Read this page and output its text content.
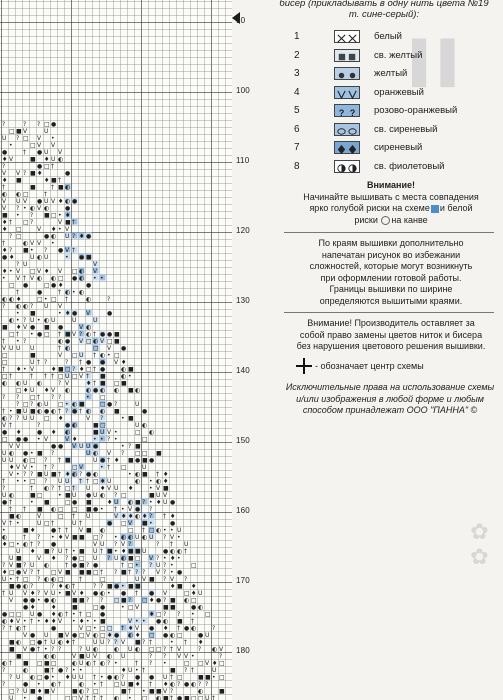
?	? ? □ ●
□ ■ V	U
U ? □ V •
•	□ V V
●	† ● U V
♦ V	■ ♦ U ◐
?	● □ †
V V ? ■ ♦	●
♦ ■	♦ ■ †
†	■	† ■ ◐
◐ ◐ □	†
V U V ● U V ♦ ◐ ●
V ? • ◐ V ◐	●
■ • ? ■ □ • ♦
♦ † □ ?	V ■ †
♦ □	V ♦ • V
? □	● ◐ U ? ♦ ●
†	◐ V V •
♦ ? ■ • ? ● V †
● ♦	U ◐ U	• ● ■
? U	V
♦ • V □ V ♦ V □ ◐ V
• V † V ◐ ◐ □ ● ◐ • •
□ ●	□ ● ♦	●
†	●	† ◐ • ◐
◐ ◐ ♦	□ • □ †	◐	?
? ◐ ◐ ? U V
• ■	• ♦ ● V	●
◐ • ? U • ◐ U	U	U
■ ♦ V ● ■ ●	V ◐
□ † • ● □ † ■ V ? ◐ † ● ● ■
† • ?	◐ ● V □ ◐ V □ ■
V U U U	† ◐	□ V ●
□	■	V □ U † ◐ • □
□	U † ?	? † ● ● V ♦
† ♦ • V	♦ ■ □ ? ♦ □ † ●	◐ ■
□ †	† † † □ U □ V † ■	◐ •
◐ ◐ U ◐	? V	♦ † ■ □ ■
□ ♦ U ♦ V ◐	◐ ● ◐ ◐ ■ ◐
? ? □ † ? ?	• □
? □ ? ◐ U □ • ◐ ■	□ ● ?	U
† • ■ U ■ ◐ ● ◐ † ? ● † ◐ ◐ ■	●
◐ ? ? U U □ ♦	V ?	• ■
V †	?	● ◐	■ □	U ◐
● ♦	● ♦ ◐	■ U V •	□ ◐
□ ● ● • V	V ♦	• • ? •	□
V V	● ● V U U ●	• ? ■
U ◐ ● • ■ ?	U ◐ V ? □ □ ■
U U ◐ □ ? † ■	U ● † ♦ ■ ● ■ ●
♦ V V • † ?	□ V	• † □	U
V • ? ? ■ U ■ † ♦ ◐ ? ● ◐	• ◐ ■ † ♦
† • • □ ? U U † † □ ♦ U	◐ • ◐ ♦
?	† ◐ ? † □ † U ♦ V U ♦	• V ■
U ◐	■ □	• ■ U ● U ◐ ? □	■ U V
● †	• ■	□ ● ■	♦ U ◐ ■ ? • ♦ U ●
† † ■ ◐ □ □ ■ ● • † • V ● ?
■ ◐	V	□ † U	V ♦ ♦ ◐ ♦ ? † ♦
V † •	U □ †	U †	● □ V ■ •	●
•	■ ♦	● † † V ■ ◐	□ † □ ◐ • • U
◐	† ? • ♦ V ■ ■ □ ? • ◐ ◐ U ◐ U ? V •
♦ □ • ◐ † ? ●	V U ? V ?	? † U
U ♦ ■ ? U † • ■ U † ■ • ♦ ■ ■ U	● ◐ ◐ †
U ■	V ♦ ? ● □ U ? U ◐ ■ □ V ? • ♦ •
? V ■ ? U ◐	† ● ■ ? ●	† □ • ? U ? •	□
♦ □ ● V ? † □ V ■ ■ ■ □ † ? ■ † ? ? V ? • ●
U • † □ ? ◐ ◐ □	†	□	U V ■ ? V ?
■ ● ◐ ?	? ♦ ◐ †	? ? ■ ● • ■ ■	♦ ■ ♦
† U V ♦ ? V U • ■ V ♦ ● ◐ • ● † ● V	□ ♦ U
V ● ● • ● ◐	■ ■ ? ? □ ■ ? □ ♦ ● ? ■ ◐ □
● ♦	♦	■	□ ●	• □ V	■ ■	● ◐
● □ □ U ● ♦ ◐ † • † □ ●	♦ □ ? ? • □
◐ ♦ V • † • ♦ ♦ V • ♦ • • ■	V • • ● ◐ ■ †
? † ◐ †	●	V □ • □ □ † ♦ V ● ♦ † ● ◐	?
V ● U ■ V ● □ V ◐ □ ♦ ● ◐ ♦ □ ● ◐ □	● U
■ ◐ □ ● † U ◐ ♦ †	U U ? ? V ■ ? †	• † ♦
■ V ● † • ? ?	? U ◐	◐ U ◐ □ □ ? † V	? ◐ V
■	◐ ◐	V ■ U V ◐ U	? ? V V •	?
◐ † ■ □ ■ □	◐ U ◐ † ◐ ? •	† ? •	□ □ V ♦ □
?	◐	■ † ● ? • •	♦ U • †	■ ? †	U
? U ◐ □ ● • ♦ U U † • ● ◐ ? ● ● U † □	■ ■ • □
?	● • ◐ †	◐ • † □ U ■ ♦ † ♦ ◐ ? ● ◐ ? ?
□ ? U ■ ♦ ■ V	■ ◐ ? □	■ † • ■ ■ V ?	◐	■
U • ●	□ □ V † † † ◐ • □ ◐ ■ † ● ■ □ □ U †
90
100
110
120
130
140
150
160
170
180
▌▌
✿✿
бисер (прикладывать в одну нить цвета №19 т. сине-серый):
1	белый
2	св. желтый
3	желтый
4	оранжевый
5	? ? розово-оранжевый
6	св. сиреневый
7	сиреневый
8	св. фиолетовый
Внимание!
Начинайте вышивать с места совпадения
ярко голубой риски на схеме и белой
риски на канве
По краям вышивки дополнительно
напечатан рисунок во избежании
сложностей, которые могут возникнуть
при оформлении готовой работы.
Границы вышивки по ширине
определяются вышитыми краями.
Внимание! Производитель оставляет за
собой право замены цветов ниток и бисера
без нарушения цветового решения вышивки.
- обозначает центр схемы
Исключительные права на использование схемы
и/или изображения в любой форме и любым
способом принадлежат ООО "ПАННА" ©
